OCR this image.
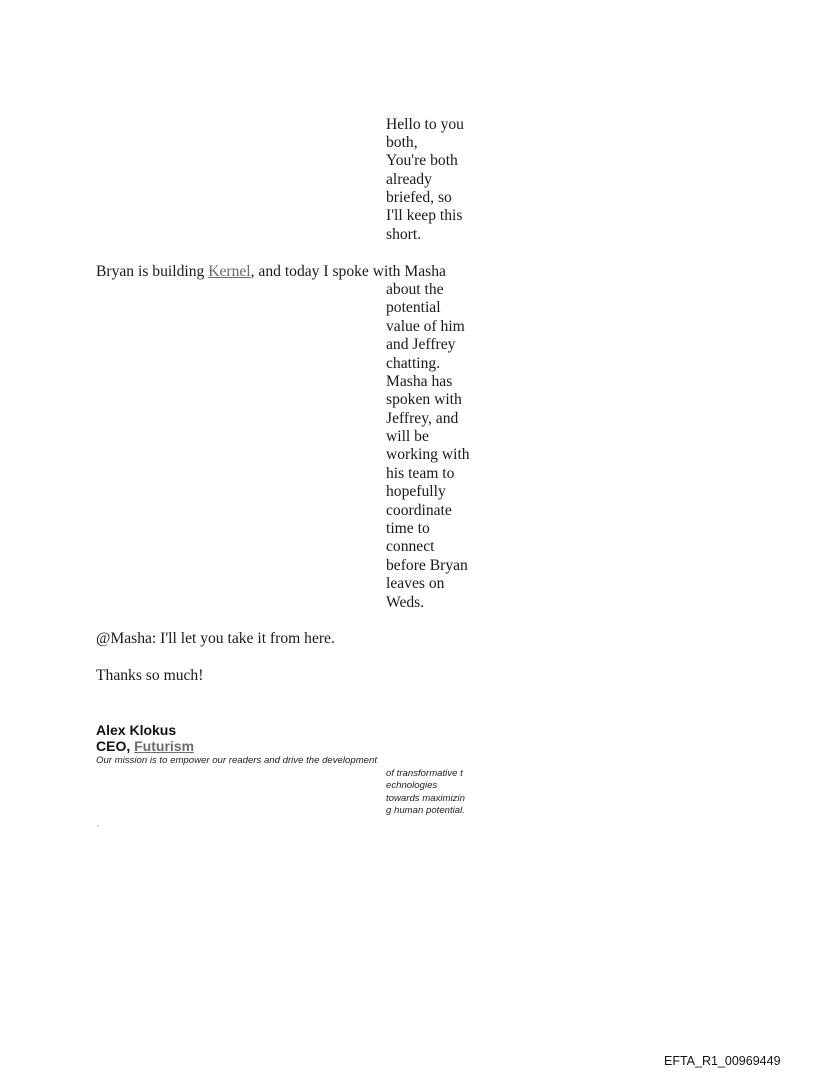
Hello to you
both,
You're both
already
briefed, so
I'll keep this
short.
Bryan is building Kernel, and today I spoke with Masha
about the
potential
value of him
and Jeffrey
chatting.
Masha has
spoken with
Jeffrey, and
will be
working with
his team to
hopefully
coordinate
time to
connect
before Bryan
leaves on
Weds.
@Masha: I'll let you take it from here.
Thanks so much!
Alex Klokus
CEO, Futurism
Our mission is to empower our readers and drive the development
of transformative t
echnologies
towards maximizin
g human potential.
EFTA_R1_00969449
